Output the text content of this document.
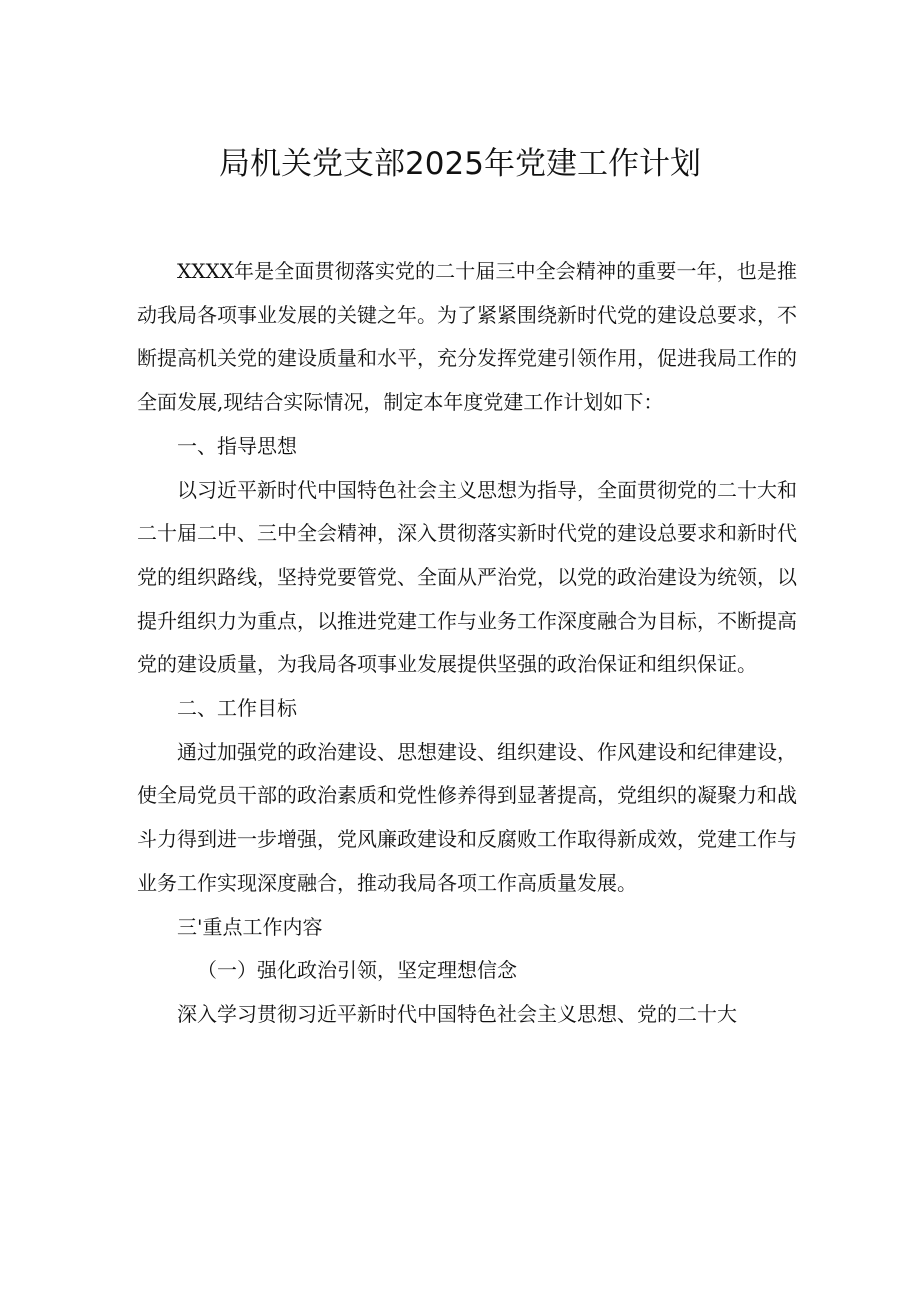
局机关党支部2025年党建工作计划

XXXX年是全面贯彻落实党的二十届三中全会精神的重要一年，也是推动我局各项事业发展的关键之年。为了紧紧围绕新时代党的建设总要求，不断提高机关党的建设质量和水平，充分发挥党建引领作用，促进我局工作的全面发展,现结合实际情况，制定本年度党建工作计划如下：

一、指导思想

以习近平新时代中国特色社会主义思想为指导，全面贯彻党的二十大和二十届二中、三中全会精神，深入贯彻落实新时代党的建设总要求和新时代党的组织路线，坚持党要管党、全面从严治党，以党的政治建设为统领，以提升组织力为重点，以推进党建工作与业务工作深度融合为目标，不断提高党的建设质量，为我局各项事业发展提供坚强的政治保证和组织保证。

二、工作目标

通过加强党的政治建设、思想建设、组织建设、作风建设和纪律建设，使全局党员干部的政治素质和党性修养得到显著提高，党组织的凝聚力和战斗力得到进一步增强，党风廉政建设和反腐败工作取得新成效，党建工作与业务工作实现深度融合，推动我局各项工作高质量发展。

三'重点工作内容

（一）强化政治引领，坚定理想信念

深入学习贯彻习近平新时代中国特色社会主义思想、党的二十大
